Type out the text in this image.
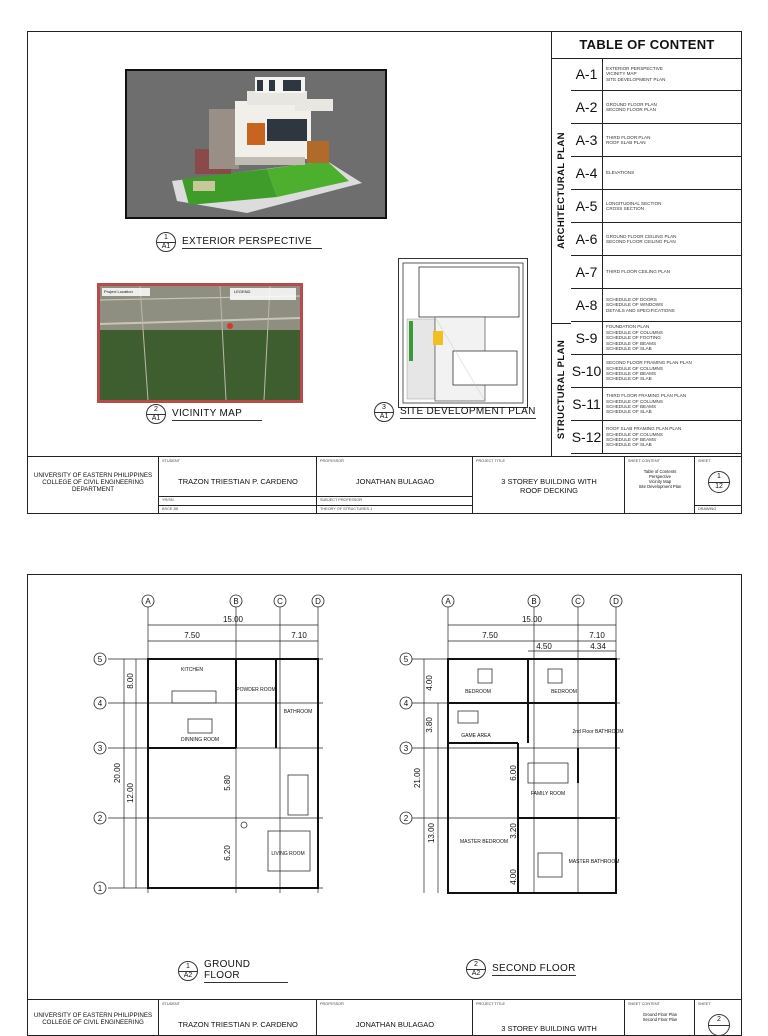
1
A1	EXTERIOR PERSPECTIVE
Project Location	LEGEND
2
A1	VICINITY MAP	3
A1	SITE DEVELOPMENT PLAN
TABLE OF CONTENT
A-1	EXTERIOR PERSPECTIVE
VICINITY MAP
SITE DEVELOPMENT PLAN
A-2	GROUND FLOOR PLAN
SECOND FLOOR PLAN
A-3	THIRD FLOOR PLAN
ROOF SLAB PLAN
A-4	ELEVATIONS
A-5	LONGITUDINAL SECTION
CROSS SECTION
A-6	GROUND FLOOR CEILING PLAN
SECOND FLOOR CEILING PLAN
A-7	THIRD FLOOR CEILING PLAN
A-8	SCHEDULE OF DOORS
SCHEDULE OF WINDOWS
DETAILS AND SPECIFICATIONS
S-9
FOUNDATION PLAN
SCHEDULE OF COLUMNS
SCHEDULE OF FOOTING
SCHEDULE OF BEAMS
SCHEDULE OF SLAB
S-10
SECOND FLOOR FRAMING PLAN PLAN
SCHEDULE OF COLUMNS
SCHEDULE OF BEAMS
SCHEDULE OF SLAB
S-11
THIRD FLOOR FRAMING PLAN PLAN
SCHEDULE OF COLUMNS
SCHEDULE OF BEAMS
SCHEDULE OF SLAB
S-12
ROOF SLAB FRAMING PLAN PLAN
SCHEDULE OF COLUMNS
SCHEDULE OF BEAMS
SCHEDULE OF SLAB
ARCHITECTURAL PLAN
STRUCTURAL PLAN
UNIVERSITY OF EASTERN PHILIPPINES
COLLEGE OF CIVIL ENGINEERING
DEPARTMENT
STUDENT
TRAZON TRIESTIAN P. CARDENO
YR/SN
BSCE 3B
PROFESSOR
JONATHAN BULAGAO
SUBJECT PROFESSOR
THEORY OF STRUCTURES 1
PROJECT TITLE
3 STOREY BUILDING WITH
ROOF DECKING
SHEET CONTENT
Table of Contents
Perspective
Vicinity Map
Site Development Plan
SHEET
1
12
DRAWING
A	B	C	D
5
4
3
2
1
15.00
7.50	7.10
20.00
8.00
12.00	5.80
6.20
KITCHEN
POWDER ROOM
BATHROOM
DINNING ROOM
LIVING ROOM
A	B	C	D
5
4
3
2
15.00
7.50	7.10
4.50	4.34
21.00
4.00
3.80
13.00
6.00
3.20
4.00
BEDROOM	BEDROOM
GAME AREA
2nd Floor BATHROOM
FAMILY ROOM
MASTER BEDROOM
MASTER BATHROOM
1
A2
GROUND FLOOR
2
A2	SECOND FLOOR
UNIVERSITY OF EASTERN PHILIPPINES
COLLEGE OF CIVIL ENGINEERING
STUDENT
TRAZON TRIESTIAN P. CARDENO
PROFESSOR
JONATHAN BULAGAO
PROJECT TITLE
3 STOREY BUILDING WITH
SHEET CONTENT
Ground Floor Plan
Second Floor Plan
SHEET
2
